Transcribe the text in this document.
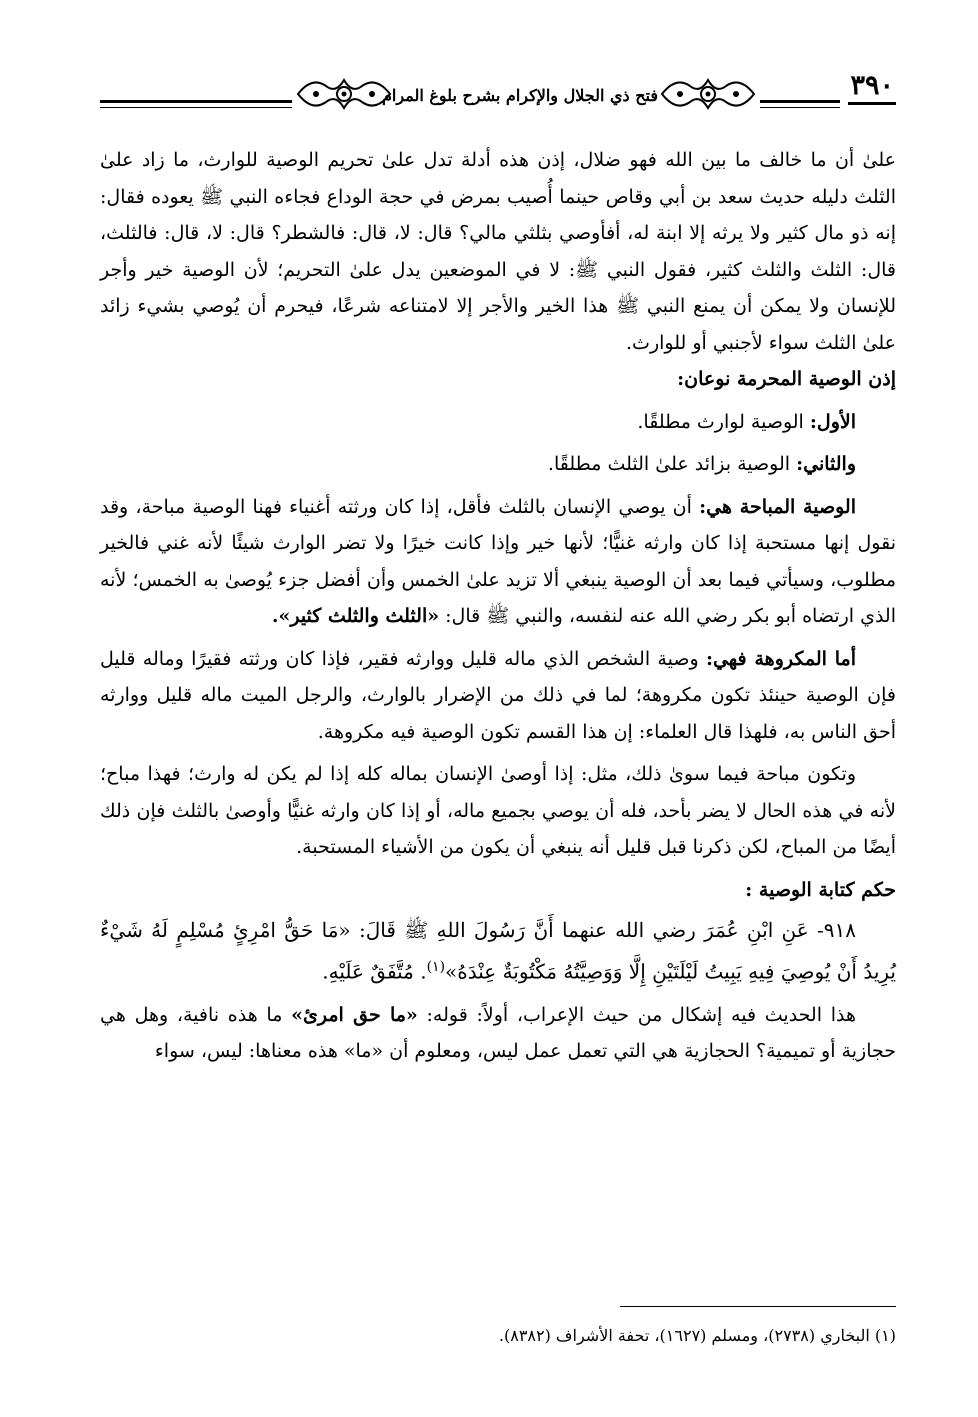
فتح ذي الجلال والإكرام بشرح بلوغ المرام	٣٩٠

علىٰ أن ما خالف ما بين الله فهو ضلال، إذن هذه أدلة تدل علىٰ تحريم الوصية للوارث، ما زاد علىٰ الثلث دليله حديث سعد بن أبي وقاص حينما أُصيب بمرض في حجة الوداع فجاءه النبي ﷺ يعوده فقال: إنه ذو مال كثير ولا يرثه إلا ابنة له، أفأوصي بثلثي مالي؟ قال: لا، قال: فالشطر؟ قال: لا، قال: فالثلث، قال: الثلث والثلث كثير، فقول النبي ﷺ: لا في الموضعين يدل علىٰ التحريم؛ لأن الوصية خير وأجر للإنسان ولا يمكن أن يمنع النبي ﷺ هذا الخير والأجر إلا لامتناعه شرعًا، فيحرم أن يُوصي بشيء زائد علىٰ الثلث سواء لأجنبي أو للوارث.

إذن الوصية المحرمة نوعان:

الأول: الوصية لوارث مطلقًا.

والثاني: الوصية بزائد علىٰ الثلث مطلقًا.

الوصية المباحة هي: أن يوصي الإنسان بالثلث فأقل، إذا كان ورثته أغنياء فهنا الوصية مباحة، وقد نقول إنها مستحبة إذا كان وارثه غنيًّا؛ لأنها خير وإذا كانت خيرًا ولا تضر الوارث شيئًا لأنه غني فالخير مطلوب، وسيأتي فيما بعد أن الوصية ينبغي ألا تزيد علىٰ الخمس وأن أفضل جزء يُوصىٰ به الخمس؛ لأنه الذي ارتضاه أبو بكر رضي الله عنه لنفسه، والنبي ﷺ قال: «الثلث والثلث كثير».

أما المكروهة فهي: وصية الشخص الذي ماله قليل ووارثه فقير، فإذا كان ورثته فقيرًا وماله قليل فإن الوصية حينئذ تكون مكروهة؛ لما في ذلك من الإضرار بالوارث، والرجل الميت ماله قليل ووارثه أحق الناس به، فلهذا قال العلماء: إن هذا القسم تكون الوصية فيه مكروهة.

وتكون مباحة فيما سوىٰ ذلك، مثل: إذا أوصىٰ الإنسان بماله كله إذا لم يكن له وارث؛ فهذا مباح؛ لأنه في هذه الحال لا يضر بأحد، فله أن يوصي بجميع ماله، أو إذا كان وارثه غنيًّا وأوصىٰ بالثلث فإن ذلك أيضًا من المباح، لكن ذكرنا قبل قليل أنه ينبغي أن يكون من الأشياء المستحبة.

حكم كتابة الوصية :

٩١٨- عَنِ ابْنِ عُمَرَ رضي الله عنهما أَنَّ رَسُولَ اللهِ ﷺ قَالَ: «مَا حَقُّ امْرِئٍ مُسْلِمٍ لَهُ شَيْءٌ يُرِيدُ أَنْ يُوصِيَ فِيهِ يَبِيتُ لَيْلَتَيْنِ إِلَّا وَوَصِيَّتُهُ مَكْتُوبَةٌ عِنْدَهُ»$^{(١)}$. مُتَّفَقٌ عَلَيْهِ.

هذا الحديث فيه إشكال من حيث الإعراب، أولاً: قوله: «ما حق امرئ» ما هذه نافية، وهل هي حجازية أو تميمية؟ الحجازية هي التي تعمل عمل ليس، ومعلوم أن «ما» هذه معناها: ليس، سواء

(١) البخاري (٢٧٣٨)، ومسلم (١٦٢٧)، تحفة الأشراف (٨٣٨٢).
